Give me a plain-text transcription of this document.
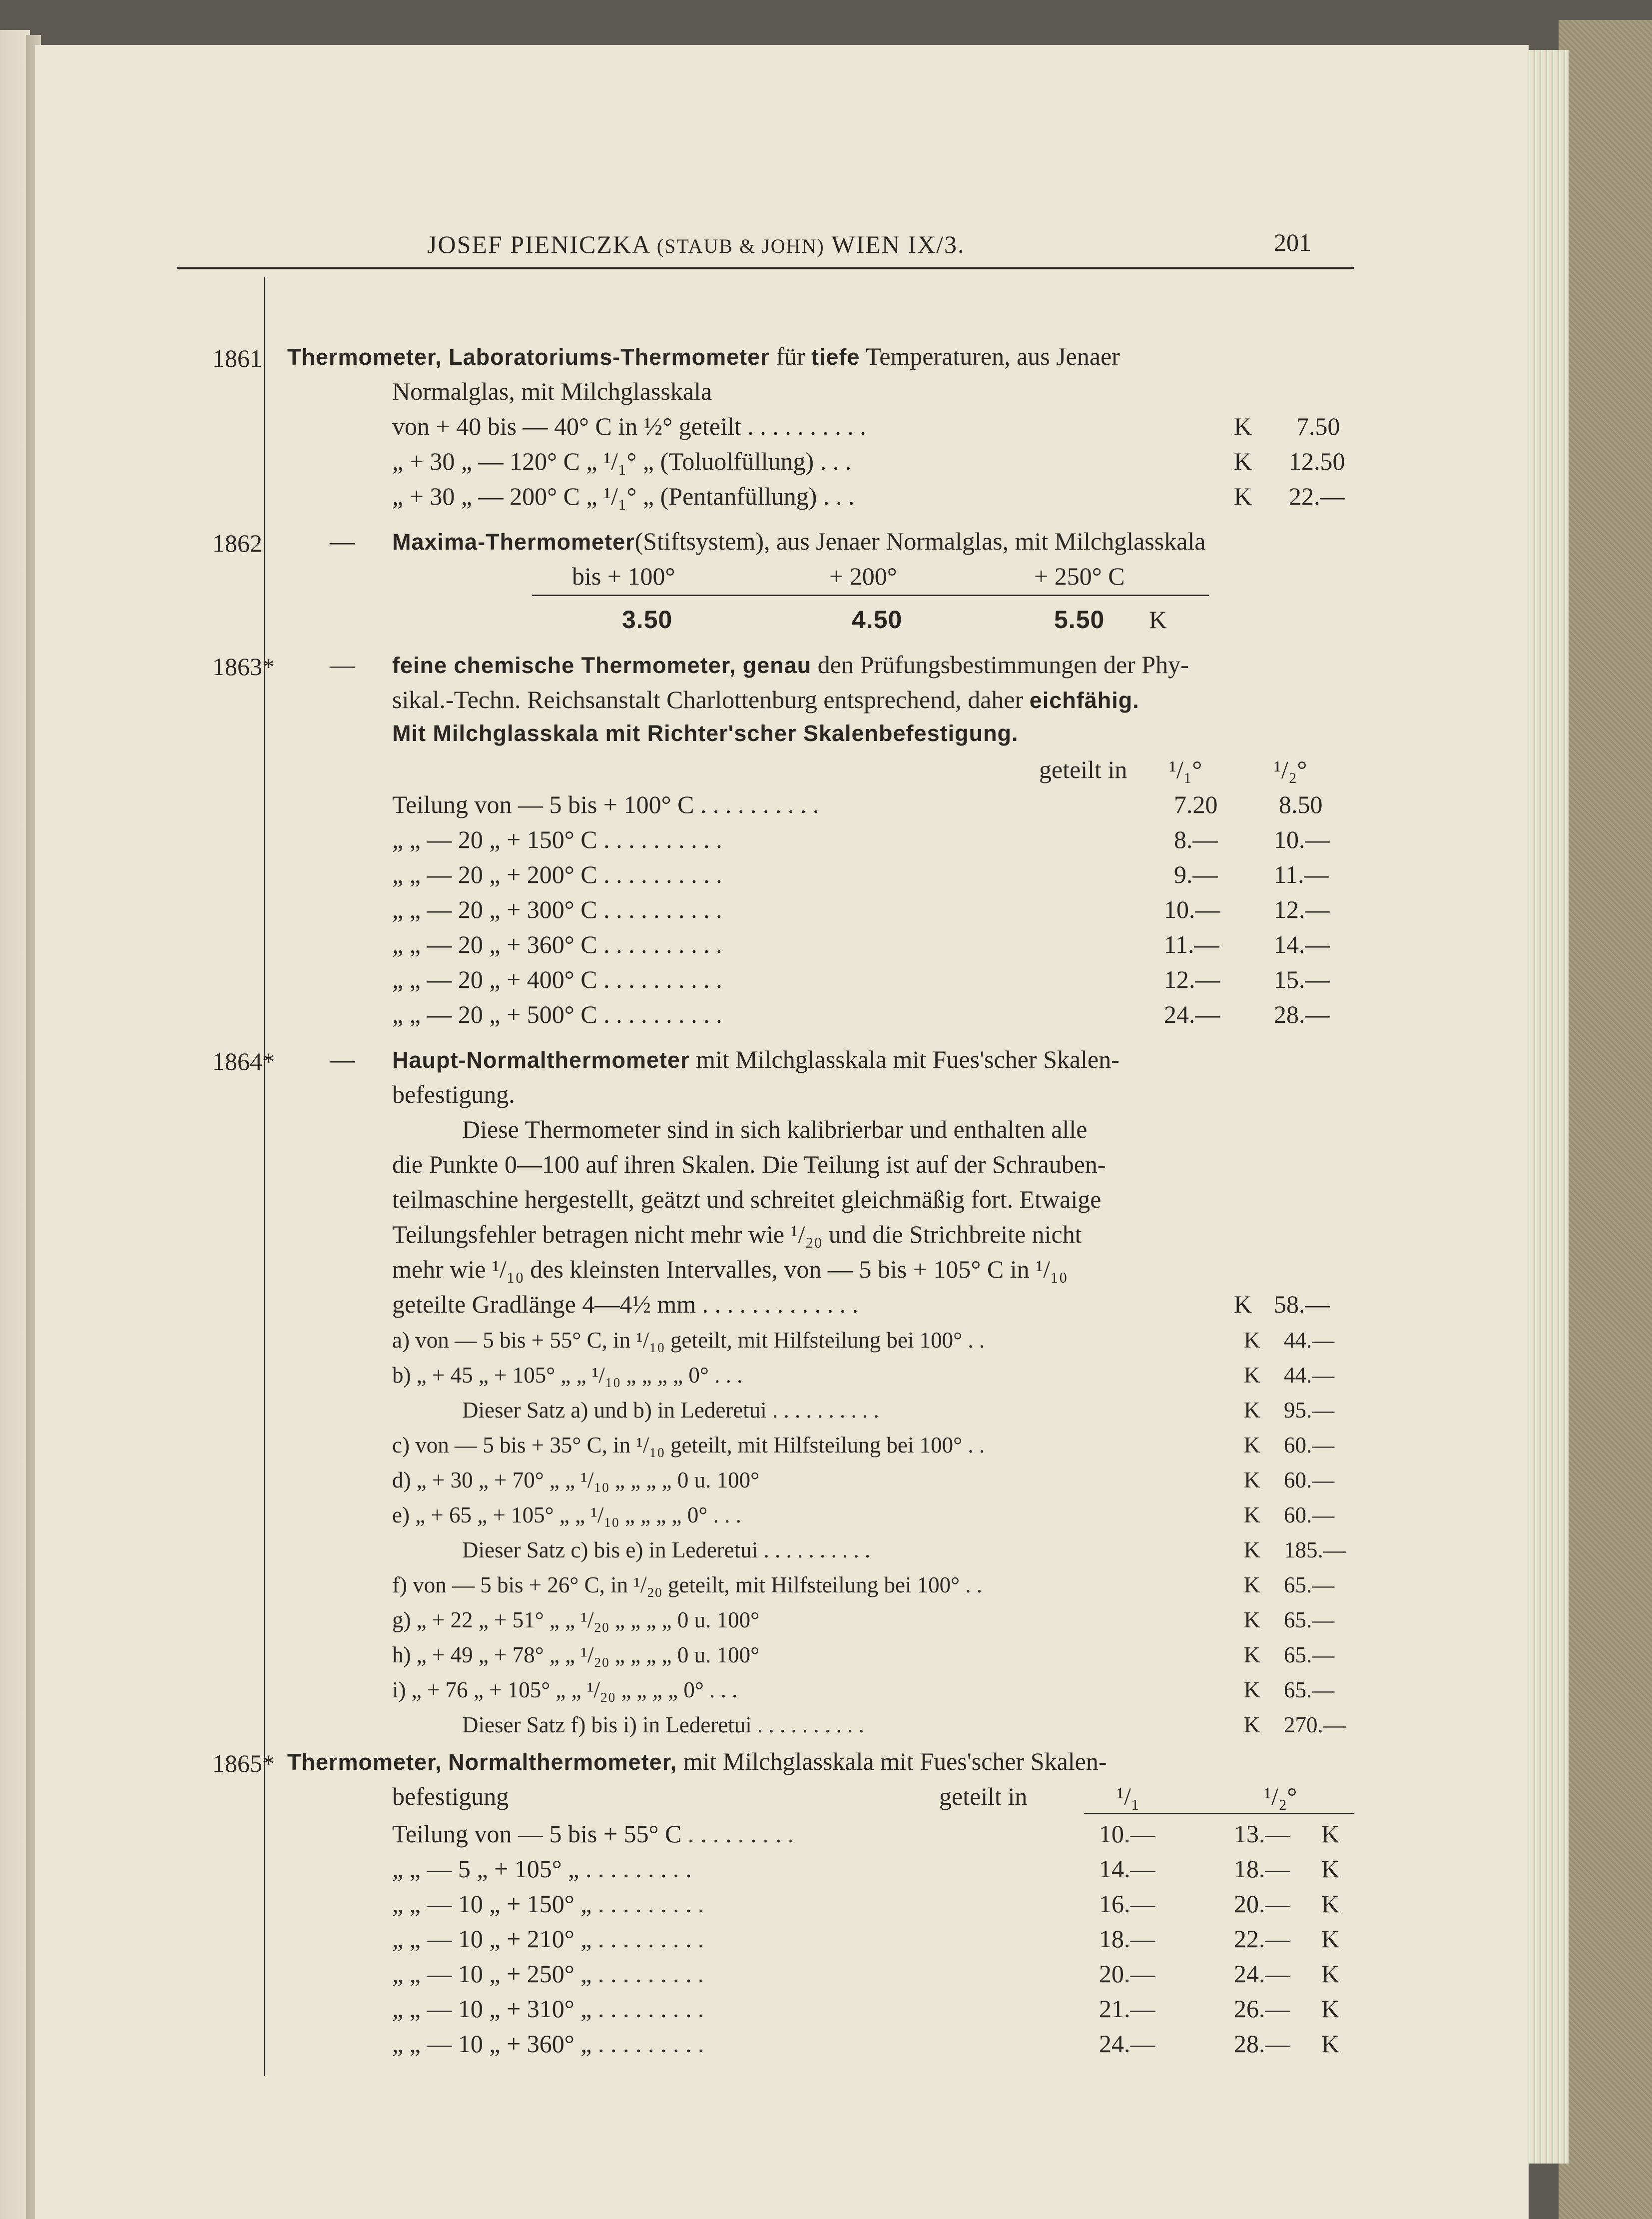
JOSEF PIENICZKA (STAUB & JOHN) WIEN IX/3.	201
1861 Thermometer, Laboratoriums-Thermometer für tiefe Temperaturen, aus Jenaer
Normalglas, mit Milchglasskala
von + 40 bis — 40° C in ½° geteilt . . . . . . . . . .	K 7.50
„ + 30 „ — 120° C „ ¹/₁° „ (Toluolfüllung) . . .	K 12.50
„ + 30 „ — 200° C „ ¹/₁° „ (Pentanfüllung) . . .	K 22.—
1862	— Maxima-Thermometer(Stiftsystem), aus Jenaer Normalglas, mit Milchglasskala
bis + 100°	+ 200°	+ 250° C
3.50	4.50	5.50 K
1863* — feine chemische Thermometer, genau den Prüfungsbestimmungen der Phy-
sikal.-Techn. Reichsanstalt Charlottenburg entsprechend, daher eichfähig.
Mit Milchglasskala mit Richter'scher Skalenbefestigung.
geteilt in ¹/₁°	¹/₂°
Teilung von — 5 bis + 100° C . . . . . . . . . .	7.20 8.50
„ „ — 20 „ + 150° C . . . . . . . . . .	8.— 10.—
„ „ — 20 „ + 200° C . . . . . . . . . .	9.— 11.—
„ „ — 20 „ + 300° C . . . . . . . . . .	10.— 12.—
„ „ — 20 „ + 360° C . . . . . . . . . .	11.— 14.—
„ „ — 20 „ + 400° C . . . . . . . . . .	12.— 15.—
„ „ — 20 „ + 500° C . . . . . . . . . .	24.— 28.—
1864* — Haupt-Normalthermometer mit Milchglasskala mit Fues'scher Skalen-
befestigung.
Diese Thermometer sind in sich kalibrierbar und enthalten alle
die Punkte 0—100 auf ihren Skalen. Die Teilung ist auf der Schrauben-
teilmaschine hergestellt, geätzt und schreitet gleichmäßig fort. Etwaige
Teilungsfehler betragen nicht mehr wie ¹/₂₀ und die Strichbreite nicht
mehr wie ¹/₁₀ des kleinsten Intervalles, von — 5 bis + 105° C in ¹/₁₀
geteilte Gradlänge 4—4½ mm . . . . . . . . . . . . .	K 58.—
a) von — 5 bis + 55° C, in ¹/₁₀ geteilt, mit Hilfsteilung bei 100° . .	K 44.—
b) „ + 45 „ + 105° „ „ ¹/₁₀ „ „ „ „ 0° . . .	K 44.—
Dieser Satz a) und b) in Lederetui . . . . . . . . . .	K 95.—
c) von — 5 bis + 35° C, in ¹/₁₀ geteilt, mit Hilfsteilung bei 100° . .	K 60.—
d) „ + 30 „ + 70° „ „ ¹/₁₀ „ „ „ „ 0 u. 100°	K 60.—
e) „ + 65 „ + 105° „ „ ¹/₁₀ „ „ „ „ 0° . . .	K 60.—
Dieser Satz c) bis e) in Lederetui . . . . . . . . . .	K 185.—
f) von — 5 bis + 26° C, in ¹/₂₀ geteilt, mit Hilfsteilung bei 100° . .	K 65.—
g) „ + 22 „ + 51° „ „ ¹/₂₀ „ „ „ „ 0 u. 100°	K 65.—
h) „ + 49 „ + 78° „ „ ¹/₂₀ „ „ „ „ 0 u. 100°	K 65.—
i) „ + 76 „ + 105° „ „ ¹/₂₀ „ „ „ „ 0° . . .	K 65.—
Dieser Satz f) bis i) in Lederetui . . . . . . . . . .	K 270.—
1865* Thermometer, Normalthermometer, mit Milchglasskala mit Fues'scher Skalen-
befestigung	geteilt in	¹/₁	¹/₂°
Teilung von — 5 bis + 55° C . . . . . . . . .	10.—	13.— K
„ „ — 5 „ + 105° „ . . . . . . . . .	14.—	18.— K
„ „ — 10 „ + 150° „ . . . . . . . . .	16.—	20.— K
„ „ — 10 „ + 210° „ . . . . . . . . .	18.—	22.— K
„ „ — 10 „ + 250° „ . . . . . . . . .	20.—	24.— K
„ „ — 10 „ + 310° „ . . . . . . . . .	21.—	26.— K
„ „ — 10 „ + 360° „ . . . . . . . . .	24.—	28.— K
